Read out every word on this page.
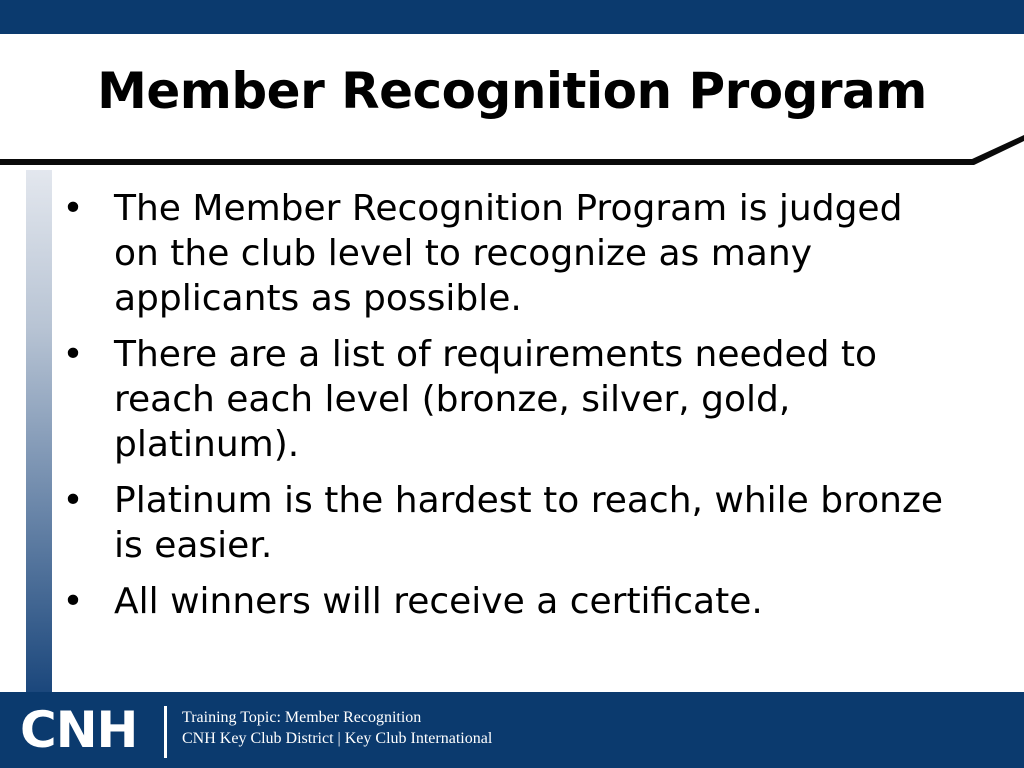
Member Recognition Program
• The Member Recognition Program is judged on the club level to recognize as many applicants as possible.
• There are a list of requirements needed to reach each level (bronze, silver, gold, platinum).
• Platinum is the hardest to reach, while bronze is easier.
• All winners will receive a certificate.
CNH	Training Topic: Member Recognition
CNH Key Club District | Key Club International
